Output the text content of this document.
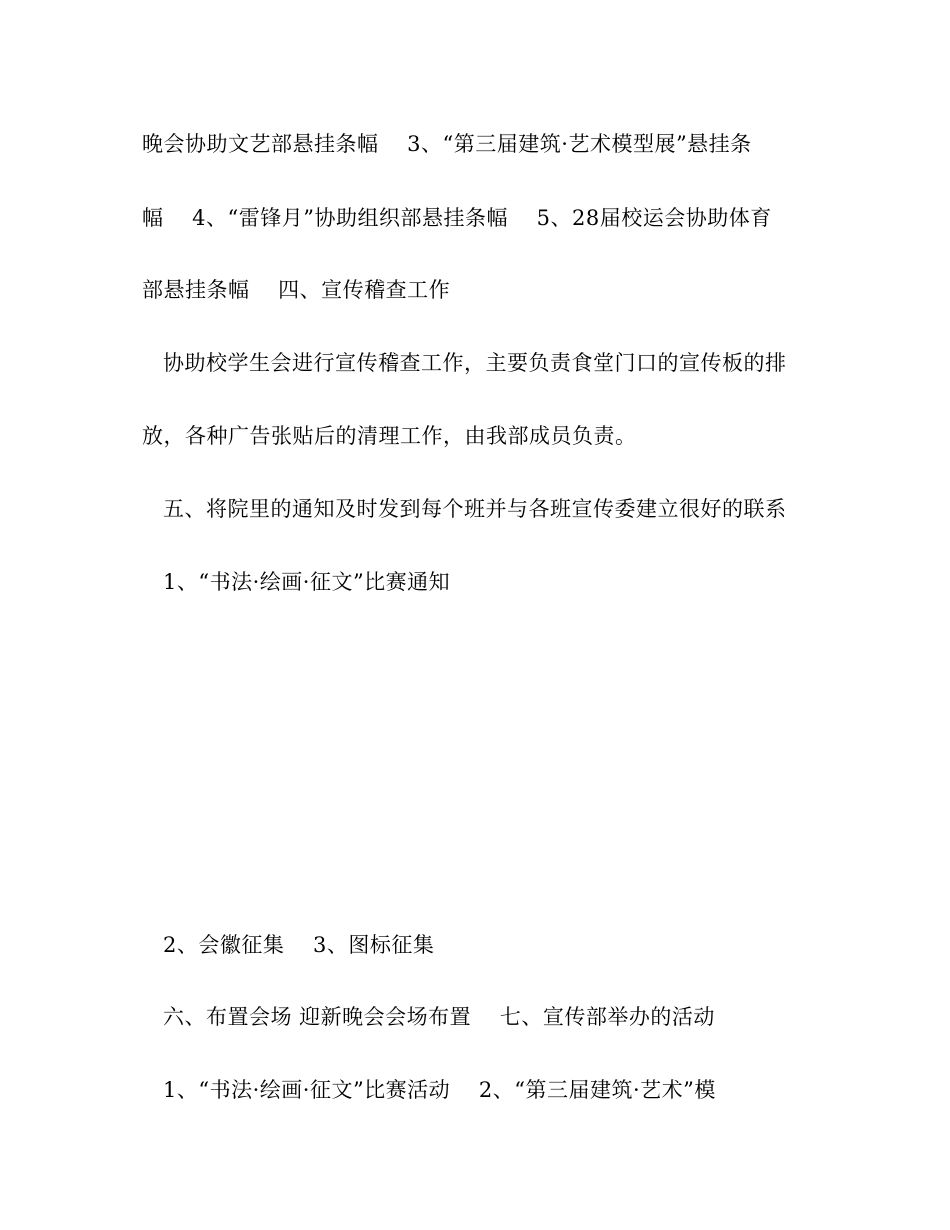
晚会协助文艺部悬挂条幅　 3、“第三届建筑·艺术模型展”悬挂条
幅　 4、“雷锋月”协助组织部悬挂条幅　 5、28届校运会协助体育
部悬挂条幅　 四、宣传稽查工作
协助校学生会进行宣传稽查工作，主要负责食堂门口的宣传板的排
放，各种广告张贴后的清理工作，由我部成员负责。
五、将院里的通知及时发到每个班并与各班宣传委建立很好的联系
1、“书法·绘画·征文”比赛通知
2、会徽征集　 3、图标征集
六、布置会场 迎新晚会会场布置　 七、宣传部举办的活动
1、“书法·绘画·征文”比赛活动　 2、“第三届建筑·艺术”模
